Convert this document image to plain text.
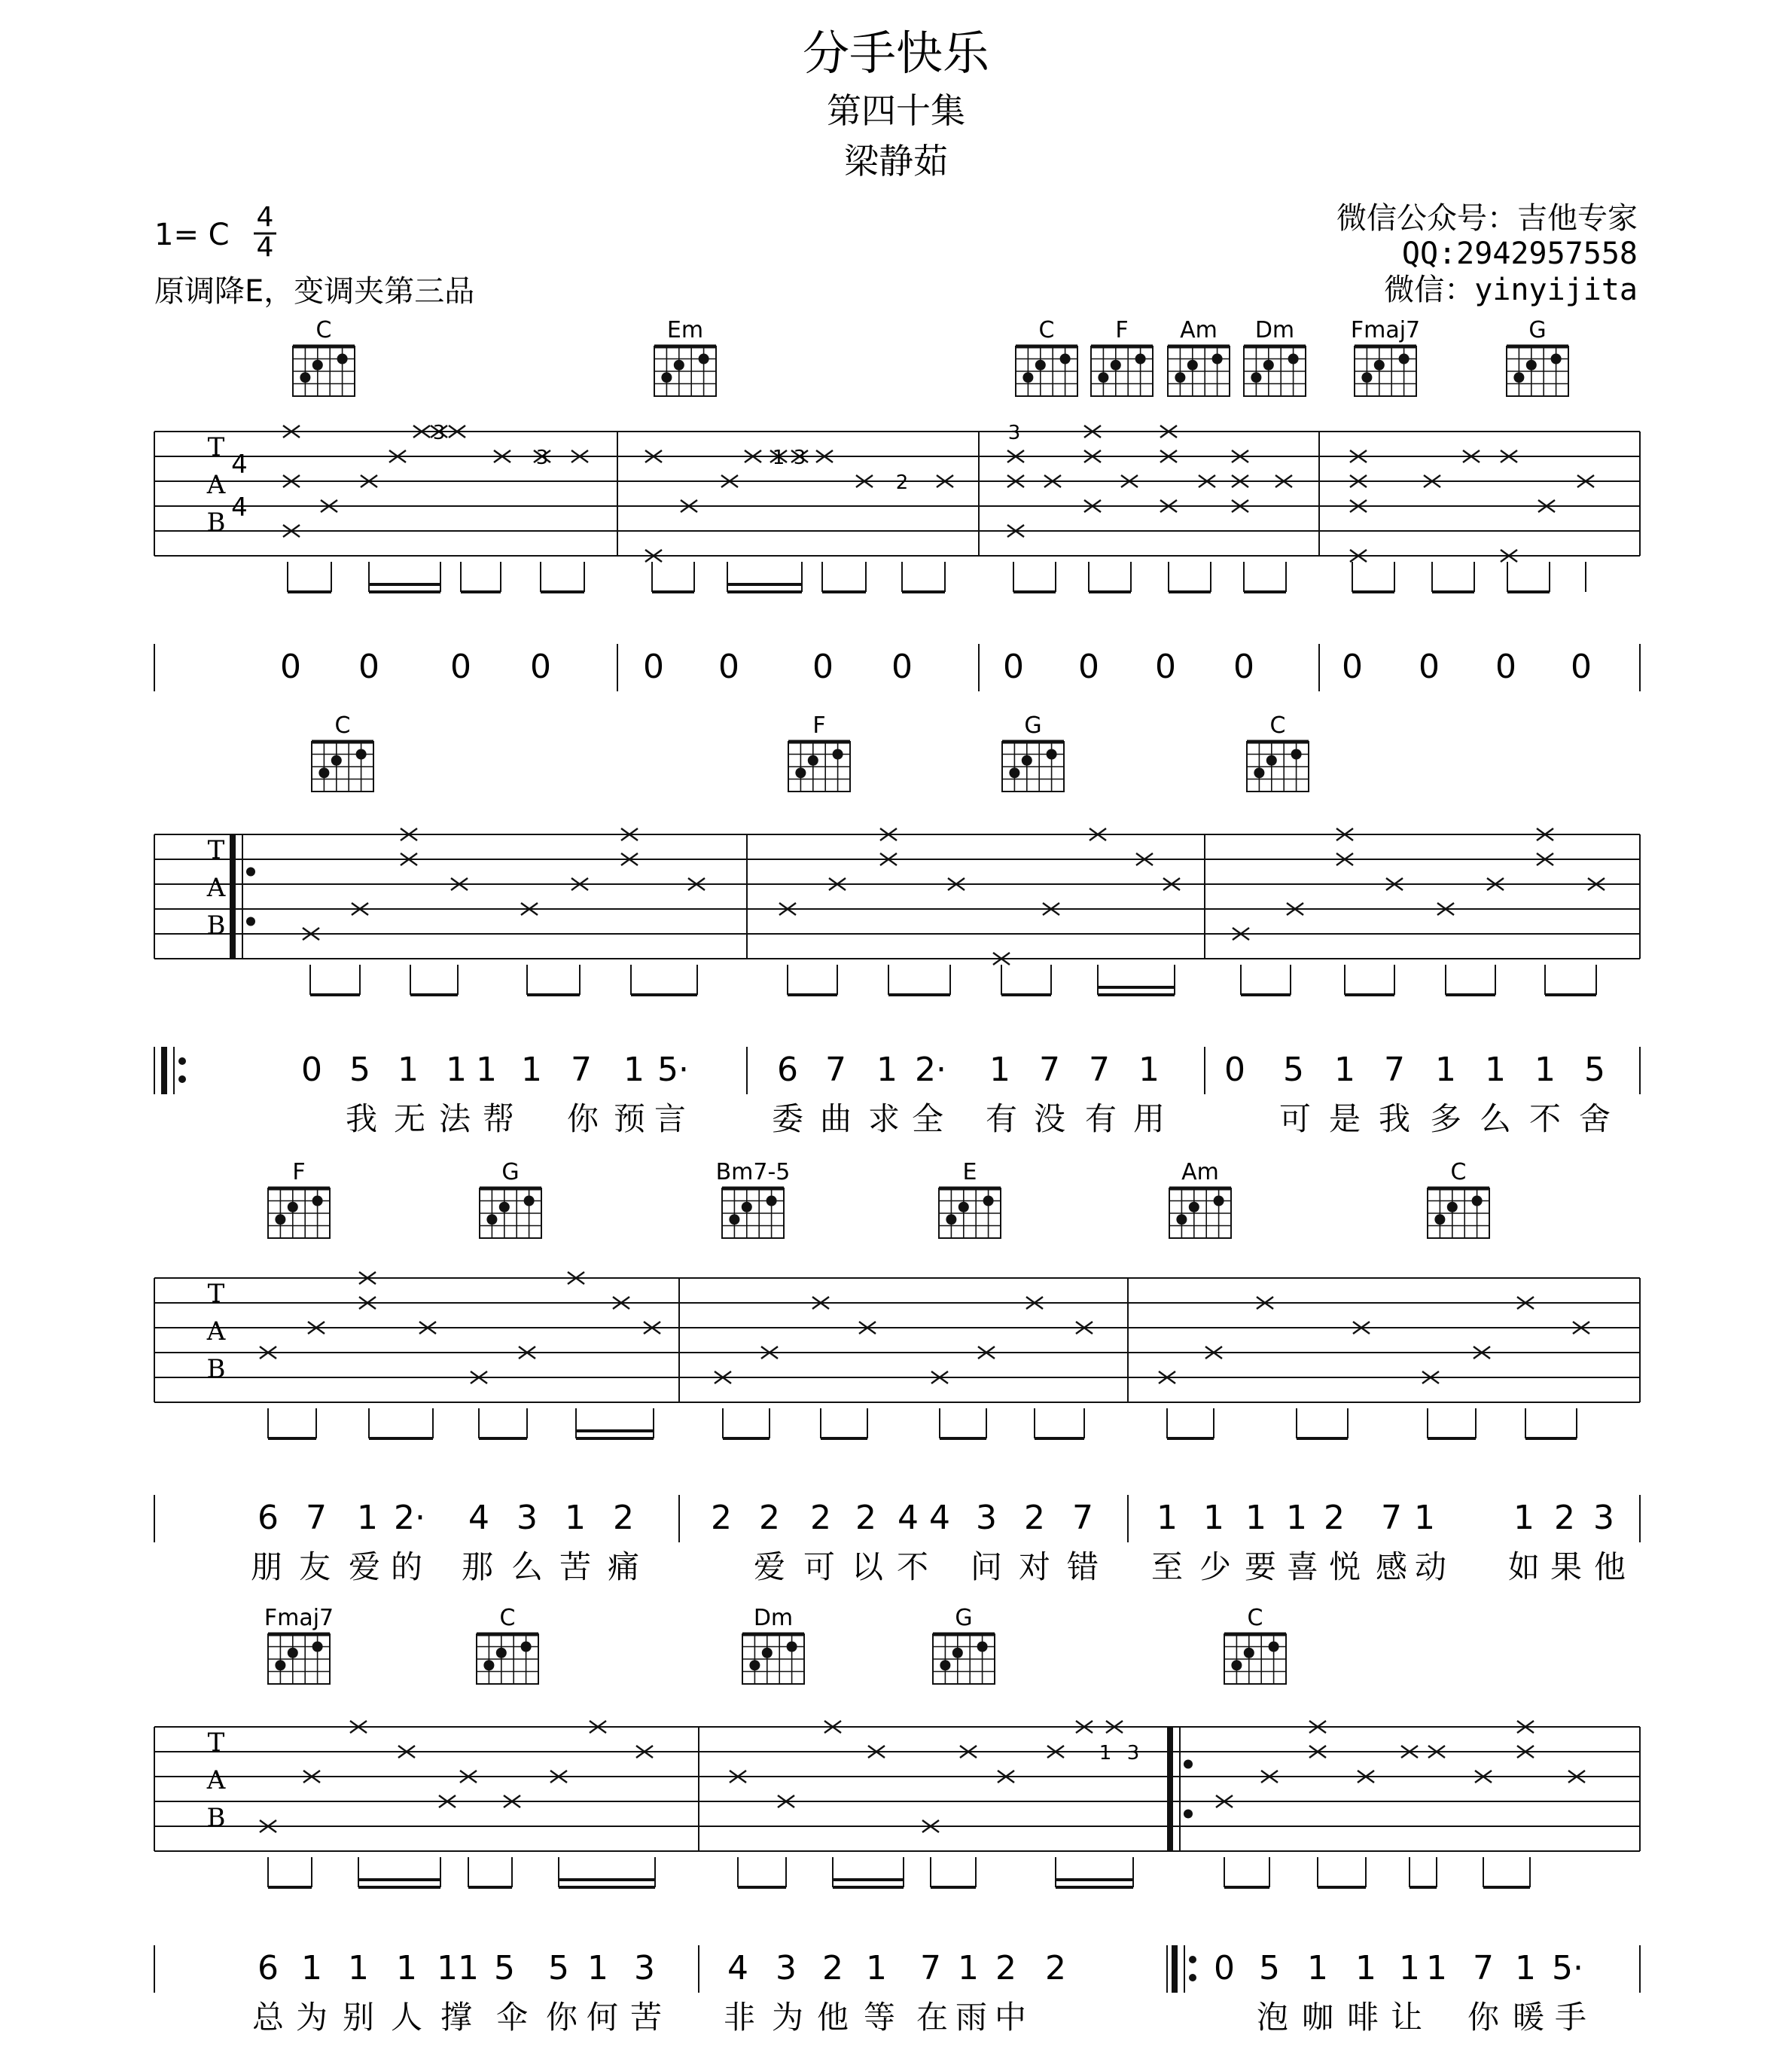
分手快乐
第四十集
梁静茹
1= C
4
4
原调降E，变调夹第三品
微信公众号：吉他专家
QQ:2942957558
微信：yinyijita
C	Em	C	F Am Dm Fmaj7	G
T
A
B
4
4
3
3	1 3
2
3
0 0 0 0	0 0 0 0	0 0 0 0	0 0 0 0
C	F	G	C
T
A
B
0 5 1 1 1 1 7 1 5·	6 7 1 2· 1 7 7 1 0 5 1 7 1 1 1 5
我 无 法 帮 你 预 言	委 曲 求 全 有 没 有 用	可 是 我 多 么 不 舍
F	G	Bm7-5	E	Am	C
T
A
B
6 7 1 2· 4 3 1 2 2 2 2 2 4 4 3 2 7 1 1 1 1 2 7 1 1 2 3
朋 友 爱 的 那 么 苦 痛	爱 可 以 不 问 对 错 至 少 要 喜 悦 感 动 如 果 他
Fmaj7	C	Dm	G	C
T
A
B
1 3
6 1 1 1 1 1 5 5 1 3 4 3 2 1 7 1 2 2	0 5 1 1 1 1 7 1 5·
总 为 别 人 撑 伞 你 何 苦 非 为 他 等 在 雨 中	泡 咖 啡 让 你 暖 手
